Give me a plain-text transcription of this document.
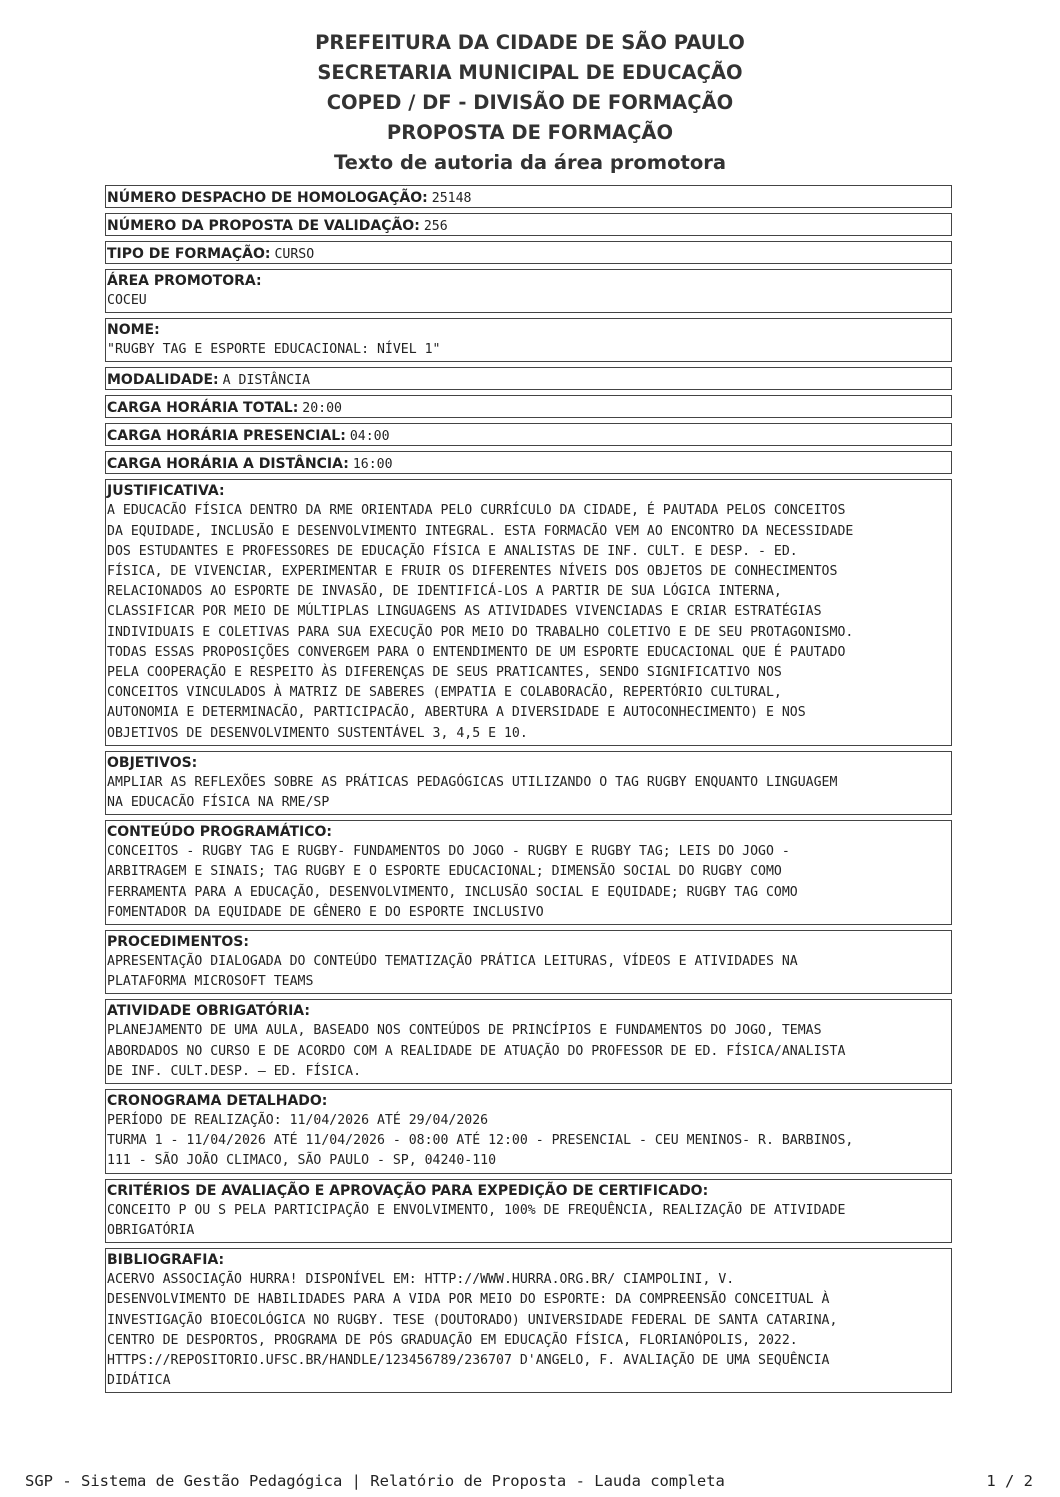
PREFEITURA DA CIDADE DE SÃO PAULO
SECRETARIA MUNICIPAL DE EDUCAÇÃO
COPED / DF - DIVISÃO DE FORMAÇÃO
PROPOSTA DE FORMAÇÃO
Texto de autoria da área promotora
NÚMERO DESPACHO DE HOMOLOGAÇÃO: 25148
NÚMERO DA PROPOSTA DE VALIDAÇÃO: 256
TIPO DE FORMAÇÃO: CURSO
ÁREA PROMOTORA:
COCEU
NOME:
"RUGBY TAG E ESPORTE EDUCACIONAL: NÍVEL 1"
MODALIDADE: A DISTÂNCIA
CARGA HORÁRIA TOTAL: 20:00
CARGA HORÁRIA PRESENCIAL: 04:00
CARGA HORÁRIA A DISTÂNCIA: 16:00
JUSTIFICATIVA:
A EDUCACÃO FÍSICA DENTRO DA RME ORIENTADA PELO CURRÍCULO DA CIDADE, É PAUTADA PELOS CONCEITOS
DA EQUIDADE, INCLUSÃO E DESENVOLVIMENTO INTEGRAL. ESTA FORMACÃO VEM AO ENCONTRO DA NECESSIDADE
DOS ESTUDANTES E PROFESSORES DE EDUCAÇÃO FÍSICA E ANALISTAS DE INF. CULT. E DESP. - ED.
FÍSICA, DE VIVENCIAR, EXPERIMENTAR E FRUIR OS DIFERENTES NÍVEIS DOS OBJETOS DE CONHECIMENTOS
RELACIONADOS AO ESPORTE DE INVASÃO, DE IDENTIFICÁ-LOS A PARTIR DE SUA LÓGICA INTERNA,
CLASSIFICAR POR MEIO DE MÚLTIPLAS LINGUAGENS AS ATIVIDADES VIVENCIADAS E CRIAR ESTRATÉGIAS
INDIVIDUAIS E COLETIVAS PARA SUA EXECUÇÃO POR MEIO DO TRABALHO COLETIVO E DE SEU PROTAGONISMO.
TODAS ESSAS PROPOSIÇÕES CONVERGEM PARA O ENTENDIMENTO DE UM ESPORTE EDUCACIONAL QUE É PAUTADO
PELA COOPERAÇÃO E RESPEITO ÀS DIFERENÇAS DE SEUS PRATICANTES, SENDO SIGNIFICATIVO NOS
CONCEITOS VINCULADOS À MATRIZ DE SABERES (EMPATIA E COLABORACÃO, REPERTÓRIO CULTURAL,
AUTONOMIA E DETERMINACÃO, PARTICIPACÃO, ABERTURA A DIVERSIDADE E AUTOCONHECIMENTO) E NOS
OBJETIVOS DE DESENVOLVIMENTO SUSTENTÁVEL 3, 4,5 E 10.
OBJETIVOS:
AMPLIAR AS REFLEXÕES SOBRE AS PRÁTICAS PEDAGÓGICAS UTILIZANDO O TAG RUGBY ENQUANTO LINGUAGEM
NA EDUCACÃO FÍSICA NA RME/SP
CONTEÚDO PROGRAMÁTICO:
CONCEITOS - RUGBY TAG E RUGBY- FUNDAMENTOS DO JOGO - RUGBY E RUGBY TAG; LEIS DO JOGO -
ARBITRAGEM E SINAIS; TAG RUGBY E O ESPORTE EDUCACIONAL; DIMENSÃO SOCIAL DO RUGBY COMO
FERRAMENTA PARA A EDUCAÇÃO, DESENVOLVIMENTO, INCLUSÃO SOCIAL E EQUIDADE; RUGBY TAG COMO
FOMENTADOR DA EQUIDADE DE GÊNERO E DO ESPORTE INCLUSIVO
PROCEDIMENTOS:
APRESENTAÇÃO DIALOGADA DO CONTEÚDO TEMATIZAÇÃO PRÁTICA LEITURAS, VÍDEOS E ATIVIDADES NA
PLATAFORMA MICROSOFT TEAMS
ATIVIDADE OBRIGATÓRIA:
PLANEJAMENTO DE UMA AULA, BASEADO NOS CONTEÚDOS DE PRINCÍPIOS E FUNDAMENTOS DO JOGO, TEMAS
ABORDADOS NO CURSO E DE ACORDO COM A REALIDADE DE ATUAÇÃO DO PROFESSOR DE ED. FÍSICA/ANALISTA
DE INF. CULT.DESP. — ED. FÍSICA.
CRONOGRAMA DETALHADO:
PERÍODO DE REALIZAÇÃO: 11/04/2026 ATÉ 29/04/2026
TURMA 1 - 11/04/2026 ATÉ 11/04/2026 - 08:00 ATÉ 12:00 - PRESENCIAL - CEU MENINOS- R. BARBINOS,
111 - SÃO JOÃO CLIMACO, SÃO PAULO - SP, 04240-110
CRITÉRIOS DE AVALIAÇÃO E APROVAÇÃO PARA EXPEDIÇÃO DE CERTIFICADO:
CONCEITO P OU S PELA PARTICIPAÇÃO E ENVOLVIMENTO, 100% DE FREQUÊNCIA, REALIZAÇÃO DE ATIVIDADE
OBRIGATÓRIA
BIBLIOGRAFIA:
ACERVO ASSOCIAÇÃO HURRA! DISPONÍVEL EM: HTTP://WWW.HURRA.ORG.BR/ CIAMPOLINI, V.
DESENVOLVIMENTO DE HABILIDADES PARA A VIDA POR MEIO DO ESPORTE: DA COMPREENSÃO CONCEITUAL À
INVESTIGAÇÃO BIOECOLÓGICA NO RUGBY. TESE (DOUTORADO) UNIVERSIDADE FEDERAL DE SANTA CATARINA,
CENTRO DE DESPORTOS, PROGRAMA DE PÓS GRADUAÇÃO EM EDUCAÇÃO FÍSICA, FLORIANÓPOLIS, 2022.
HTTPS://REPOSITORIO.UFSC.BR/HANDLE/123456789/236707 D'ANGELO, F. AVALIAÇÃO DE UMA SEQUÊNCIA
DIDÁTICA
SGP - Sistema de Gestão Pedagógica | Relatório de Proposta - Lauda completa	1 / 2
